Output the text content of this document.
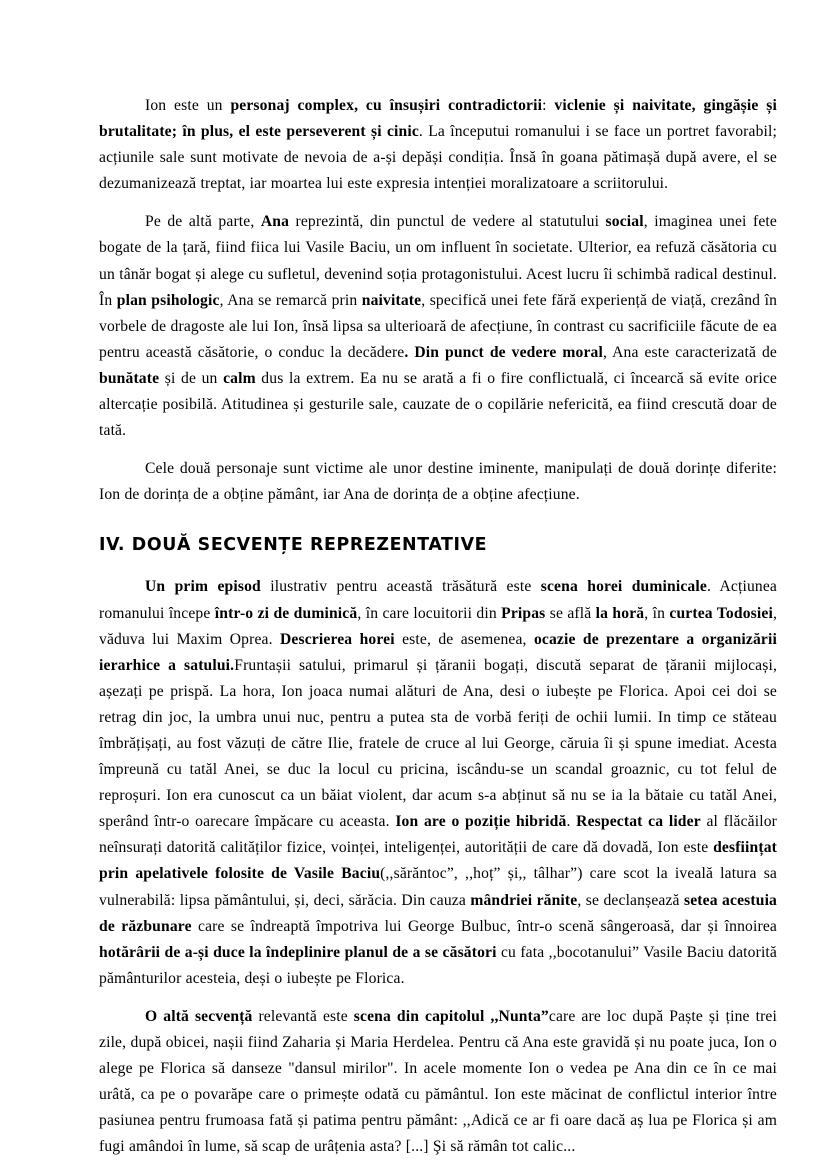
Ion este un personaj complex, cu însușiri contradictorii: viclenie și naivitate, gingășie și brutalitate; în plus, el este perseverent și cinic. La începutui romanului i se face un portret favorabil; acțiunile sale sunt motivate de nevoia de a-și depăși condiția. Însă în goana pătimașă după avere, el se dezumanizează treptat, iar moartea lui este expresia intenției moralizatoare a scriitorului.

Pe de altă parte, Ana reprezintă, din punctul de vedere al statutului social, imaginea unei fete bogate de la țară, fiind fiica lui Vasile Baciu, un om influent în societate. Ulterior, ea refuză căsătoria cu un tânăr bogat și alege cu sufletul, devenind soția protagonistului. Acest lucru îi schimbă radical destinul. În plan psihologic, Ana se remarcă prin naivitate, specifică unei fete fără experiență de viață, crezând în vorbele de dragoste ale lui Ion, însă lipsa sa ulterioară de afecțiune, în contrast cu sacrificiile făcute de ea pentru această căsătorie, o conduc la decădere. Din punct de vedere moral, Ana este caracterizată de bunătate și de un calm dus la extrem. Ea nu se arată a fi o fire conflictuală, ci încearcă să evite orice altercație posibilă. Atitudinea și gesturile sale, cauzate de o copilărie nefericită, ea fiind crescută doar de tată.

Cele două personaje sunt victime ale unor destine iminente, manipulați de două dorințe diferite: Ion de dorința de a obține pământ, iar Ana de dorința de a obține afecțiune.

IV. DOUĂ SECVENȚE REPREZENTATIVE

Un prim episod ilustrativ pentru această trăsătură este scena horei duminicale. Acțiunea romanului începe într-o zi de duminică, în care locuitorii din Pripas se află la horă, în curtea Todosiei, văduva lui Maxim Oprea. Descrierea horei este, de asemenea, ocazie de prezentare a organizării ierarhice a satului.Fruntașii satului, primarul și țăranii bogați, discută separat de țăranii mijlocași, așezați pe prispă. La hora, Ion joaca numai alături de Ana, desi o iubește pe Florica. Apoi cei doi se retrag din joc, la umbra unui nuc, pentru a putea sta de vorbă feriți de ochii lumii. In timp ce stăteau îmbrățișați, au fost văzuți de către Ilie, fratele de cruce al lui George, căruia îi și spune imediat. Acesta împreună cu tatăl Anei, se duc la locul cu pricina, iscându-se un scandal groaznic, cu tot felul de reproșuri. Ion era cunoscut ca un băiat violent, dar acum s-a abținut să nu se ia la bătaie cu tatăl Anei, sperând într-o oarecare împăcare cu aceasta. Ion are o poziție hibridă. Respectat ca lider al flăcăilor neînsurați datorită calităților fizice, voinței, inteligenței, autorității de care dă dovadă, Ion este desființat prin apelativele folosite de Vasile Baciu(,,sărăntoc”, ,,hoț” și,, tâlhar”) care scot la iveală latura sa vulnerabilă: lipsa pământului, și, deci, sărăcia. Din cauza mândriei rănite, se declanșează setea acestuia de răzbunare care se îndreaptă împotriva lui George Bulbuc, într-o scenă sângeroasă, dar și înnoirea hotărârii de a-și duce la îndeplinire planul de a se căsători cu fata ,,bocotanului” Vasile Baciu datorită pământurilor acesteia, deși o iubește pe Florica.

O altă secvență relevantă este scena din capitolul ,,Nunta”care are loc după Paște și ține trei zile, după obicei, nașii fiind Zaharia și Maria Herdelea. Pentru că Ana este gravidă și nu poate juca, Ion o alege pe Florica să danseze "dansul mirilor". In acele momente Ion o vedea pe Ana din ce în ce mai urâtă, ca pe o povarăpe care o primește odată cu pământul. Ion este măcinat de conflictul interior între pasiunea pentru frumoasa fată și patima pentru pământ: ,,Adică ce ar fi oare dacă aș lua pe Florica și am fugi amândoi în lume, să scap de urâțenia asta? [...] Şi să rămân tot calic...
